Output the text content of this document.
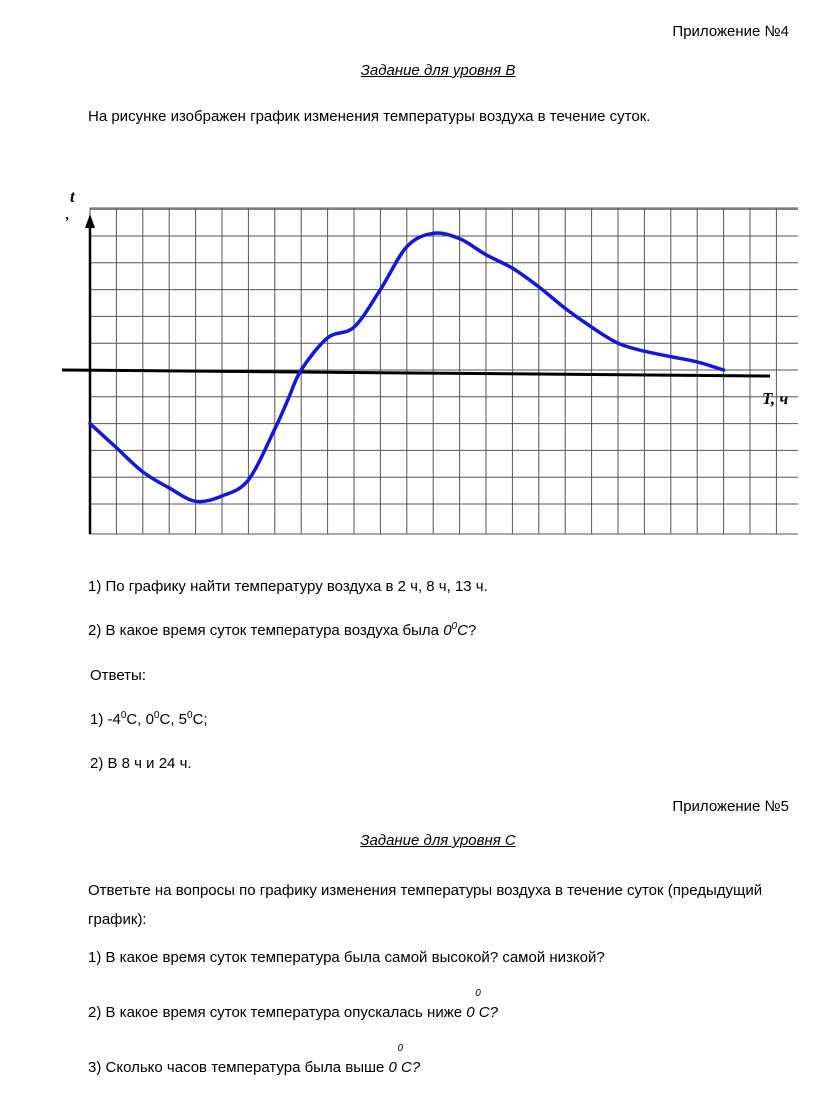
Приложение №4
Задание для уровня B
На рисунке изображен график изменения температуры воздуха в течение суток.
t
,
T, ч
1) По графику найти температуру воздуха в 2 ч, 8 ч, 13 ч.
2) В какое время суток температура воздуха была $0^0C$?
Ответы:
1) $-4^0С$, $0^0С$, $5^0С$;
2) В 8 ч и 24 ч.
Приложение №5
Задание для уровня C
Ответьте на вопросы по графику изменения температуры воздуха в течение суток (предыдущий график):
1) В какое время суток температура была самой высокой? самой низкой?
2) В какое время суток температура опускалась ниже
0
0 С?
3) Сколько часов температура была выше
0
0 С?
